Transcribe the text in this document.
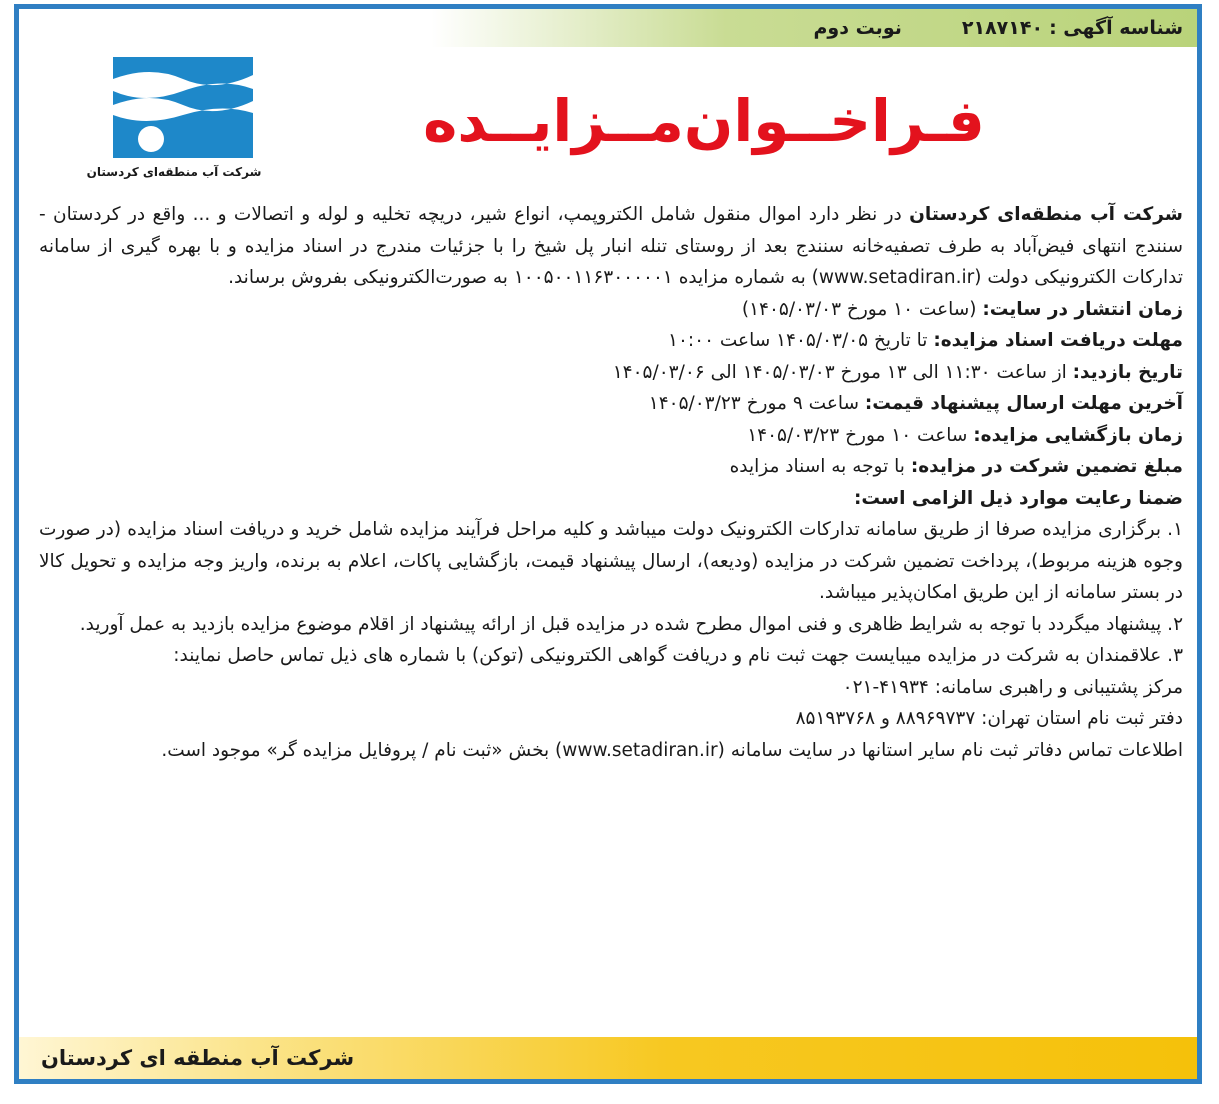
شناسه آگهی :
۲۱۸۷۱۴۰
نوبت دوم
شرکت آب منطقه‌ای کردستان
فـراخــوان‌مــزایــده

شرکت آب منطقه‌ای کردستان در نظر دارد اموال منقول شامل الکتروپمپ، انواع شیر، دریچه تخلیه و لوله و اتصالات و ... واقع در کردستان - سنندج انتهای فیض‌آباد به طرف تصفیه‌خانه سنندج بعد از روستای تنله انبار پل شیخ را با جزئیات مندرج در اسناد مزایده و با بهره گیری از سامانه تدارکات الکترونیکی دولت (www.setadiran.ir) به شماره مزایده ۱۰۰۵۰۰۱۱۶۳۰۰۰۰۰۱ به صورت‌الکترونیکی بفروش برساند.

زمان انتشار در سایت: (ساعت ۱۰ مورخ ۱۴۰۵/۰۳/۰۳)

مهلت دریافت اسناد مزایده: تا تاریخ ۱۴۰۵/۰۳/۰۵ ساعت ۱۰:۰۰

تاریخ بازدید: از ساعت ۱۱:۳۰ الی ۱۳ مورخ ۱۴۰۵/۰۳/۰۳ الی ۱۴۰۵/۰۳/۰۶

آخرین مهلت ارسال پیشنهاد قیمت: ساعت ۹ مورخ ۱۴۰۵/۰۳/۲۳

زمان بازگشایی مزایده: ساعت ۱۰ مورخ ۱۴۰۵/۰۳/۲۳

مبلغ تضمین شرکت در مزایده: با توجه به اسناد مزایده

ضمنا رعایت موارد ذیل الزامی است:

۱. برگزاری مزایده صرفا از طریق سامانه تدارکات الکترونیک دولت میباشد و کلیه مراحل فرآیند مزایده شامل خرید و دریافت اسناد مزایده (در صورت وجوه هزینه مربوط)، پرداخت تضمین شرکت در مزایده (ودیعه)، ارسال پیشنهاد قیمت، بازگشایی پاکات، اعلام به برنده، واریز وجه مزایده و تحویل کالا در بستر سامانه از این طریق امکان‌پذیر میباشد.

۲. پیشنهاد میگردد با توجه به شرایط ظاهری و فنی اموال مطرح شده در مزایده قبل از ارائه پیشنهاد از اقلام موضوع مزایده بازدید به عمل آورید.

۳. علاقمندان به شرکت در مزایده میبایست جهت ثبت نام و دریافت گواهی الکترونیکی (توکن) با شماره های ذیل تماس حاصل نمایند:

مرکز پشتیبانی و راهبری سامانه: ۴۱۹۳۴-۰۲۱

دفتر ثبت نام استان تهران: ۸۸۹۶۹۷۳۷ و ۸۵۱۹۳۷۶۸

اطلاعات تماس دفاتر ثبت نام سایر استانها در سایت سامانه (www.setadiran.ir) بخش «ثبت نام / پروفایل مزایده گر» موجود است.

شرکت آب منطقه ای کردستان
